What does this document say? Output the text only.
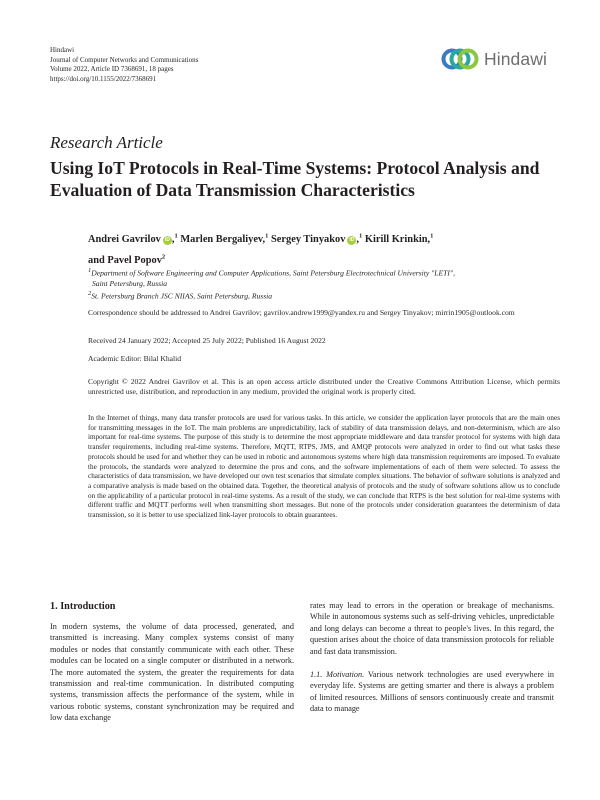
Hindawi
Journal of Computer Networks and Communications
Volume 2022, Article ID 7368691, 18 pages
https://doi.org/10.1155/2022/7368691
Hindawi
Research Article
Using IoT Protocols in Real-Time Systems: Protocol Analysis and Evaluation of Data Transmission Characteristics
Andrei Gavrilov iD ,$^1$ Marlen Bergaliyev,$^1$ Sergey Tinyakov iD ,$^1$ Kirill Krinkin,$^1$
and Pavel Popov$^2$
$^1$Department of Software Engineering and Computer Applications, Saint Petersburg Electrotechnical University "LETI",
Saint Petersburg, Russia
$^2$St. Petersburg Branch JSC NIIAS, Saint Petersburg, Russia
Correspondence should be addressed to Andrei Gavrilov; gavrilov.andrew1999@yandex.ru and Sergey Tinyakov; mirrin1905@outlook.com
Received 24 January 2022; Accepted 25 July 2022; Published 16 August 2022
Academic Editor: Bilal Khalid
Copyright © 2022 Andrei Gavrilov et al. This is an open access article distributed under the Creative Commons Attribution License, which permits unrestricted use, distribution, and reproduction in any medium, provided the original work is properly cited.
In the Internet of things, many data transfer protocols are used for various tasks. In this article, we consider the application layer protocols that are the main ones for transmitting messages in the IoT. The main problems are unpredictability, lack of stability of data transmission delays, and non-determinism, which are also important for real-time systems. The purpose of this study is to determine the most appropriate middleware and data transfer protocol for systems with high data transfer requirements, including real-time systems. Therefore, MQTT, RTPS, JMS, and AMQP protocols were analyzed in order to find out what tasks these protocols should be used for and whether they can be used in robotic and autonomous systems where high data transmission requirements are imposed. To evaluate the protocols, the standards were analyzed to determine the pros and cons, and the software implementations of each of them were selected. To assess the characteristics of data transmission, we have developed our own test scenarios that simulate complex situations. The behavior of software solutions is analyzed and a comparative analysis is made based on the obtained data. Together, the theoretical analysis of protocols and the study of software solutions allow us to conclude on the applicability of a particular protocol in real-time systems. As a result of the study, we can conclude that RTPS is the best solution for real-time systems with different traffic and MQTT performs well when transmitting short messages. But none of the protocols under consideration guarantees the determinism of data transmission, so it is better to use specialized link-layer protocols to obtain guarantees.
1. Introduction

In modern systems, the volume of data processed, generated, and transmitted is increasing. Many complex systems consist of many modules or nodes that constantly communicate with each other. These modules can be located on a single computer or distributed in a network. The more automated the system, the greater the requirements for data transmission and real-time communication. In distributed computing systems, transmission affects the performance of the system, while in various robotic systems, constant synchronization may be required and low data exchange

rates may lead to errors in the operation or breakage of mechanisms. While in autonomous systems such as self-driving vehicles, unpredictable and long delays can become a threat to people's lives. In this regard, the question arises about the choice of data transmission protocols for reliable and fast data transmission.

1.1. Motivation. Various network technologies are used everywhere in everyday life. Systems are getting smarter and there is always a problem of limited resources. Millions of sensors continuously create and transmit data to manage
